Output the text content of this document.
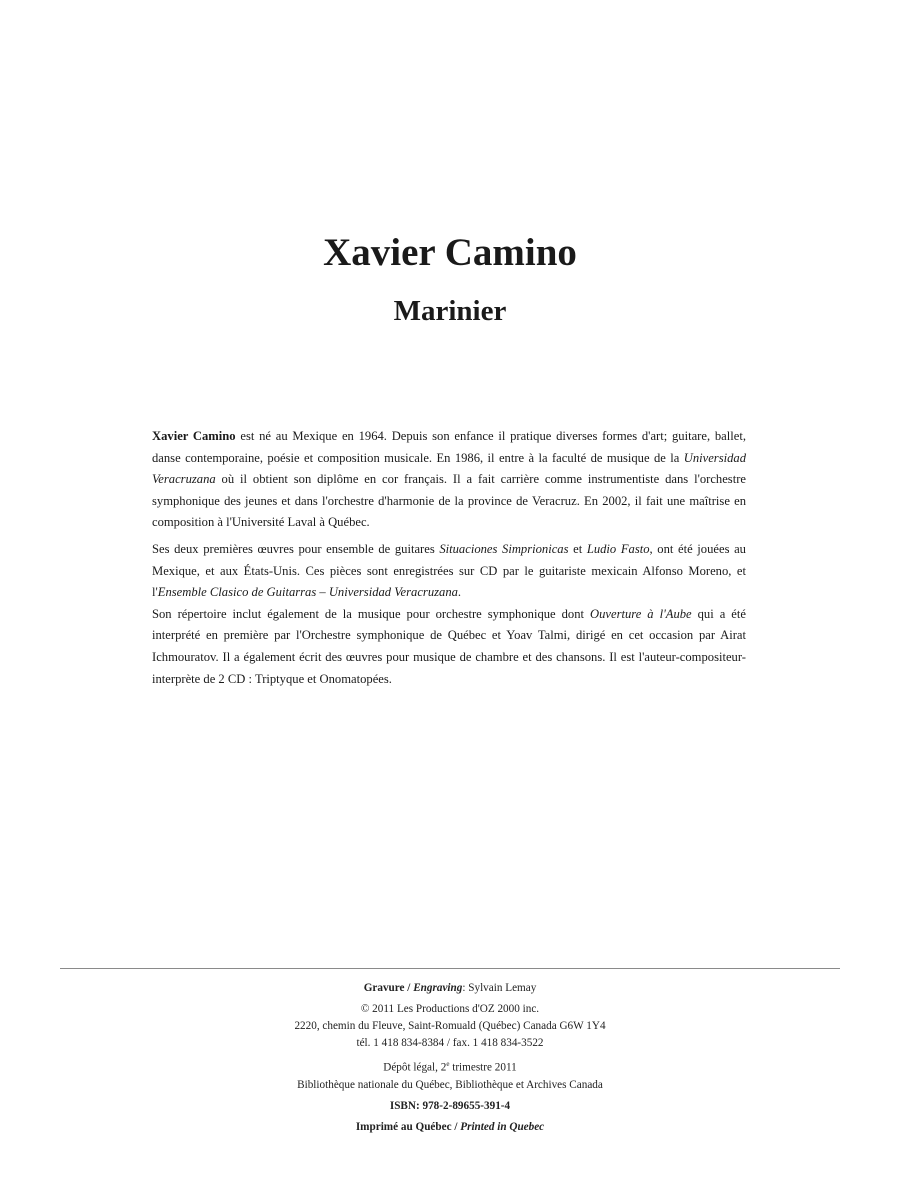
Xavier Camino
Marinier

Xavier Camino est né au Mexique en 1964. Depuis son enfance il pratique diverses formes d'art; guitare, ballet, danse contemporaine, poésie et composition musicale. En 1986, il entre à la faculté de musique de la Universidad Veracruzana où il obtient son diplôme en cor français. Il a fait carrière comme instrumentiste dans l'orchestre symphonique des jeunes et dans l'orchestre d'harmonie de la province de Veracruz. En 2002, il fait une maîtrise en composition à l'Université Laval à Québec.

Ses deux premières œuvres pour ensemble de guitares Situaciones Simprionicas et Ludio Fasto, ont été jouées au Mexique, et aux États-Unis. Ces pièces sont enregistrées sur CD par le guitariste mexicain Alfonso Moreno, et l'Ensemble Clasico de Guitarras – Universidad Veracruzana.

Son répertoire inclut également de la musique pour orchestre symphonique dont Ouverture à l'Aube qui a été interprété en première par l'Orchestre symphonique de Québec et Yoav Talmi, dirigé en cet occasion par Airat Ichmouratov. Il a également écrit des œuvres pour musique de chambre et des chansons. Il est l'auteur-compositeur-interprète de 2 CD : Triptyque et Onomatopées.

Gravure / Engraving: Sylvain Lemay
© 2011 Les Productions d'OZ 2000 inc.
2220, chemin du Fleuve, Saint-Romuald (Québec) Canada G6W 1Y4
tél. 1 418 834-8384 / fax. 1 418 834-3522
Dépôt légal, 2e trimestre 2011
Bibliothèque nationale du Québec, Bibliothèque et Archives Canada
ISBN: 978-2-89655-391-4
Imprimé au Québec / Printed in Quebec
